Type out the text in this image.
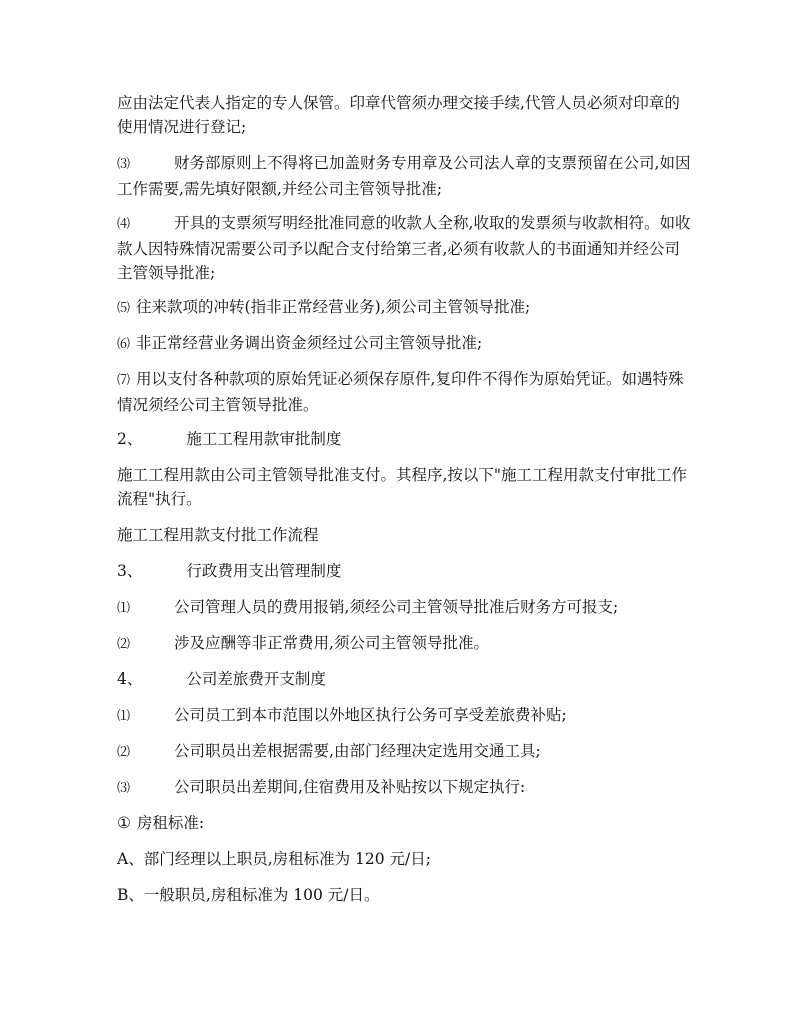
应由法定代表人指定的专人保管。印章代管须办理交接手续,代管人员必须对印章的使用情况进行登记;

⑶	财务部原则上不得将已加盖财务专用章及公司法人章的支票预留在公司,如因工作需要,需先填好限额,并经公司主管领导批准;

⑷	开具的支票须写明经批准同意的收款人全称,收取的发票须与收款相符。如收款人因特殊情况需要公司予以配合支付给第三者,必须有收款人的书面通知并经公司主管领导批准;

⑸ 往来款项的冲转(指非正常经营业务),须公司主管领导批准;

⑹ 非正常经营业务调出资金须经过公司主管领导批准;

⑺ 用以支付各种款项的原始凭证必须保存原件,复印件不得作为原始凭证。如遇特殊情况须经公司主管领导批准。

2、	施工工程用款审批制度

施工工程用款由公司主管领导批准支付。其程序,按以下"施工工程用款支付审批工作流程"执行。

施工工程用款支付批工作流程

3、	行政费用支出管理制度

⑴	公司管理人员的费用报销,须经公司主管领导批准后财务方可报支;

⑵	涉及应酬等非正常费用,须公司主管领导批准。

4、	公司差旅费开支制度

⑴	公司员工到本市范围以外地区执行公务可享受差旅费补贴;

⑵	公司职员出差根据需要,由部门经理决定选用交通工具;

⑶	公司职员出差期间,住宿费用及补贴按以下规定执行:

① 房租标准:

A、部门经理以上职员,房租标准为 120 元/日;

B、一般职员,房租标准为 100 元/日。
